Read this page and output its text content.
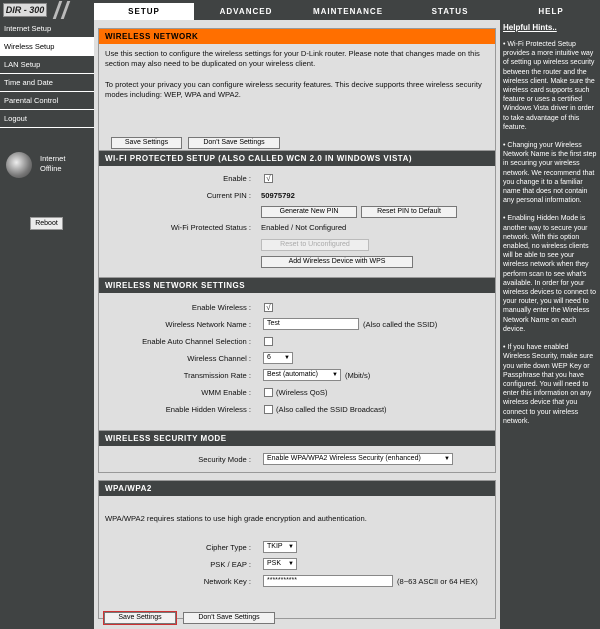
DIR - 300	SETUP	ADVANCED	MAINTENANCE	STATUS	HELP
Internet Setup
Wireless Setup
LAN Setup
Time and Date
Parental Control
Logout
Internet
Offline
Reboot
WIRELESS NETWORK
Use this section to configure the wireless settings for your D-Link router. Please note that changes made on this section may also need to be duplicated on your wireless client.
To protect your privacy you can configure wireless security features. This decive supports three wireless security modes including: WEP, WPA and WPA2.
Save Settings	Don't Save Settings
WI-FI PROTECTED SETUP (ALSO CALLED WCN 2.0 IN WINDOWS VISTA)
Enable : √
Current PIN : 50975792
Generate New PIN	Reset PIN to Default
Wi-Fi Protected Status : Enabled / Not Configured
Reset to Unconfigured
Add Wireless Device with WPS
WIRELESS NETWORK SETTINGS
Enable Wireless : √
Wireless Network Name :	Test	(Also called the SSID)
Enable Auto Channel Selection :
Wireless Channel :	6 ▼
Transmission Rate :	Best (automatic) ▼ (Mbit/s)
WMM Enable :	(Wireless QoS)
Enable Hidden Wireless :	(Also called the SSID Broadcast)
WIRELESS SECURITY MODE
Security Mode :	Enable WPA/WPA2 Wireless Security (enhanced)	▼
WPA/WPA2
WPA/WPA2 requires stations to use high grade encryption and authentication.
Cipher Type :	TKIP ▼
PSK / EAP :	PSK ▼
Network Key :	***********	(8~63 ASCII or 64 HEX)
Save Settings	Don't Save Settings
Helpful Hints..
• Wi-Fi Protected Setup provides a more intuitive way of setting up wireless security between the router and the wireless client. Make sure the wireless card supports such feature or uses a certified Windows Vista driver in order to take advantage of this feature.
• Changing your Wireless Network Name is the first step in securing your wireless network. We recommend that you change it to a familiar name that does not contain any personal information.
• Enabling Hidden Mode is another way to secure your network. With this option enabled, no wireless clients will be able to see your wireless network when they perform scan to see what's available. In order for your wireless devices to connect to your router, you will need to manually enter the Wireless Network Name on each device.
• If you have enabled Wireless Security, make sure you write down WEP Key or Passphrase that you have configured. You will need to enter this information on any wireless device that you connect to your wireless network.
